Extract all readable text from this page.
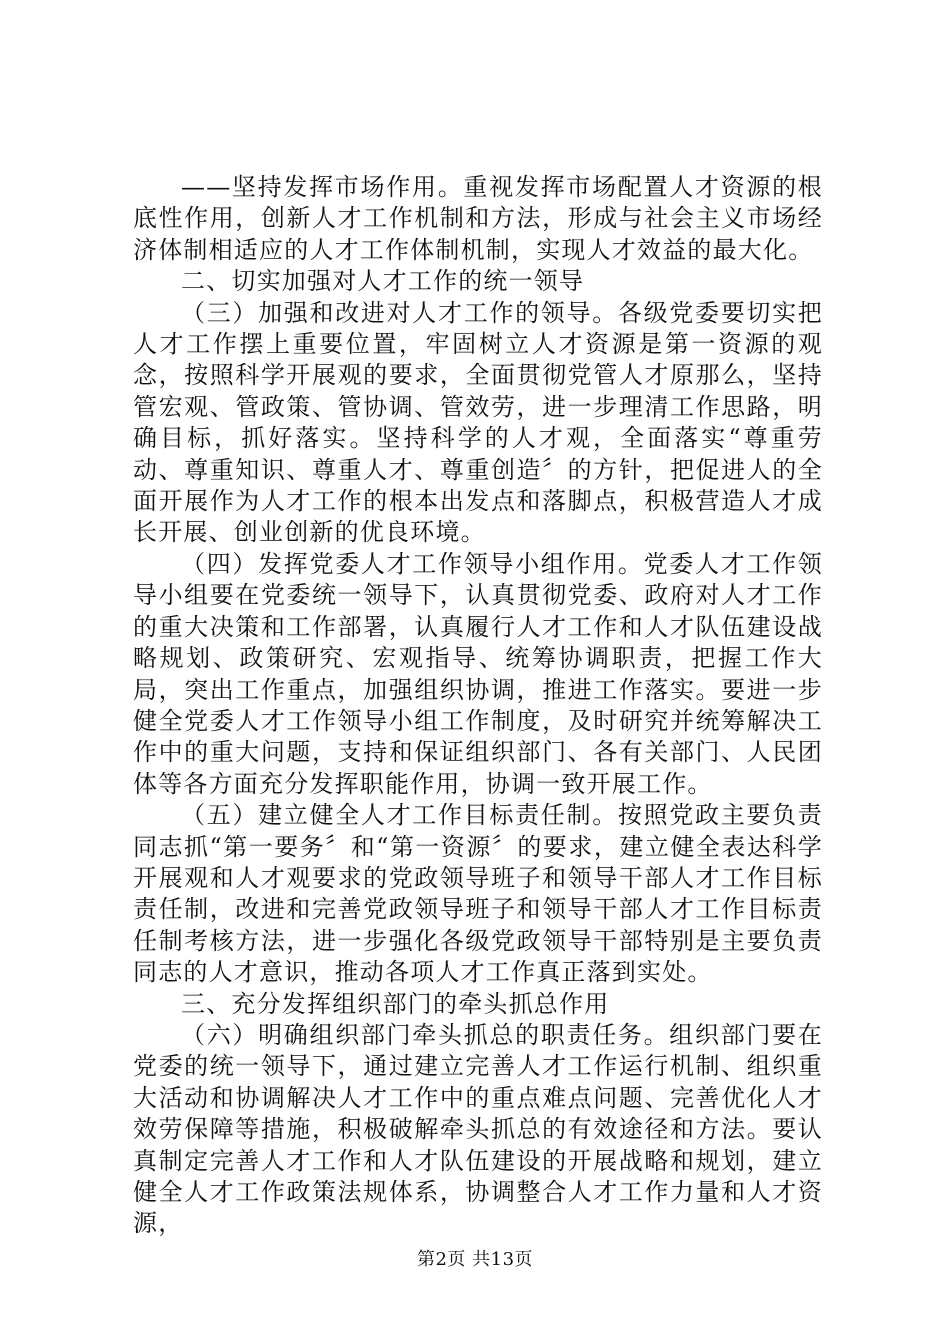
——坚持发挥市场作用。重视发挥市场配置人才资源的根底性作用，创新人才工作机制和方法，形成与社会主义市场经济体制相适应的人才工作体制机制，实现人才效益的最大化。

二、切实加强对人才工作的统一领导

（三）加强和改进对人才工作的领导。各级党委要切实把人才工作摆上重要位置，牢固树立人才资源是第一资源的观念，按照科学开展观的要求，全面贯彻党管人才原那么，坚持管宏观、管政策、管协调、管效劳，进一步理清工作思路，明确目标，抓好落实。坚持科学的人才观，全面落实“尊重劳动、尊重知识、尊重人才、尊重创造〞的方针，把促进人的全面开展作为人才工作的根本出发点和落脚点，积极营造人才成长开展、创业创新的优良环境。

（四）发挥党委人才工作领导小组作用。党委人才工作领导小组要在党委统一领导下，认真贯彻党委、政府对人才工作的重大决策和工作部署，认真履行人才工作和人才队伍建设战略规划、政策研究、宏观指导、统筹协调职责，把握工作大局，突出工作重点，加强组织协调，推进工作落实。要进一步健全党委人才工作领导小组工作制度，及时研究并统筹解决工作中的重大问题，支持和保证组织部门、各有关部门、人民团体等各方面充分发挥职能作用，协调一致开展工作。

（五）建立健全人才工作目标责任制。按照党政主要负责同志抓“第一要务〞和“第一资源〞的要求，建立健全表达科学开展观和人才观要求的党政领导班子和领导干部人才工作目标责任制，改进和完善党政领导班子和领导干部人才工作目标责任制考核方法，进一步强化各级党政领导干部特别是主要负责同志的人才意识，推动各项人才工作真正落到实处。

三、充分发挥组织部门的牵头抓总作用

（六）明确组织部门牵头抓总的职责任务。组织部门要在党委的统一领导下，通过建立完善人才工作运行机制、组织重大活动和协调解决人才工作中的重点难点问题、完善优化人才效劳保障等措施，积极破解牵头抓总的有效途径和方法。要认真制定完善人才工作和人才队伍建设的开展战略和规划，建立健全人才工作政策法规体系，协调整合人才工作力量和人才资源，

第2页 共13页
